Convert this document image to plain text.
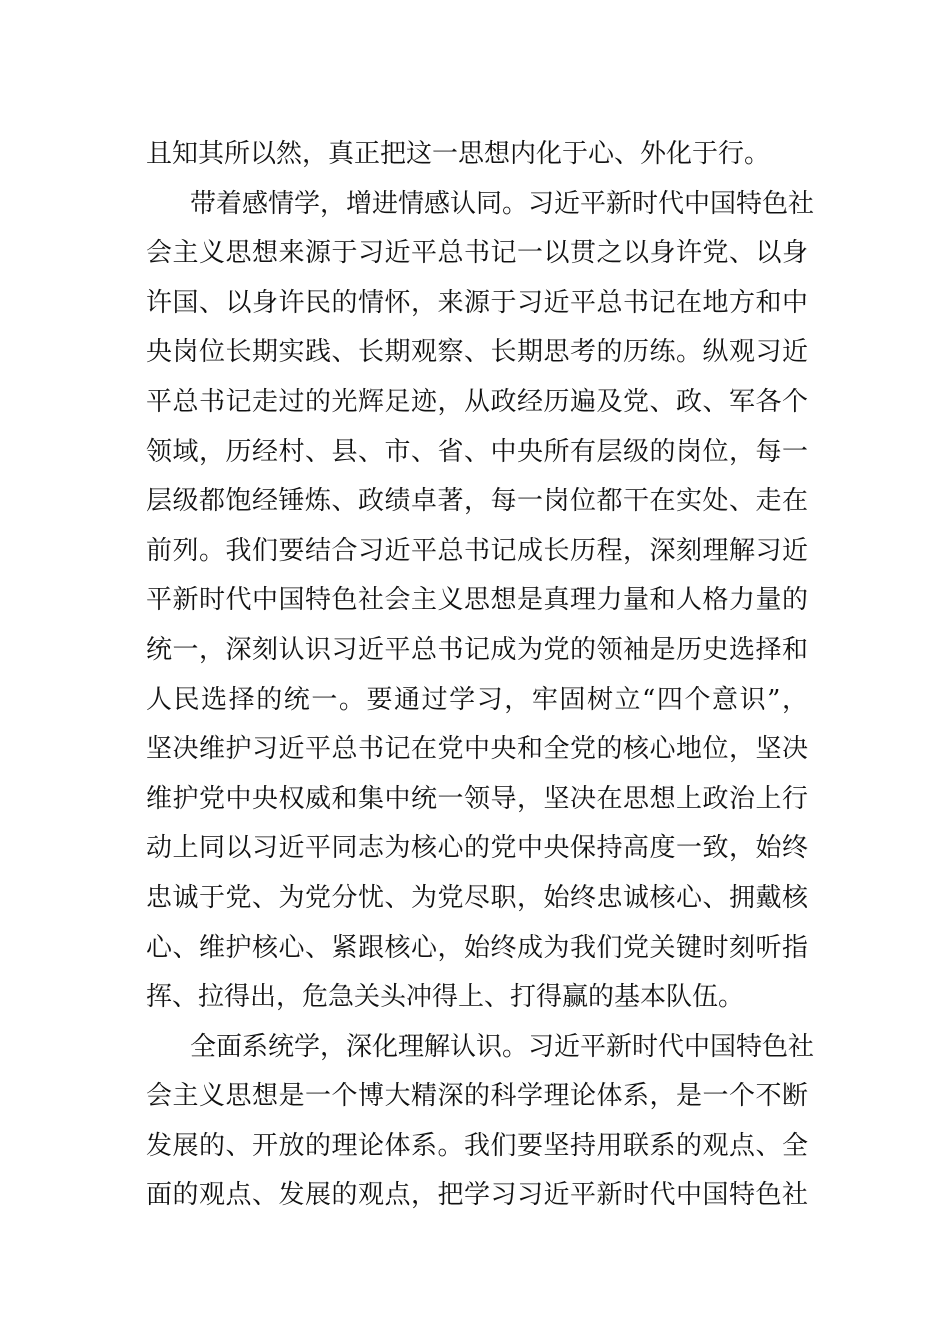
且知其所以然，真正把这一思想内化于心、外化于行。
带着感情学，增进情感认同。习近平新时代中国特色社
会主义思想来源于习近平总书记一以贯之以身许党、以身
许国、以身许民的情怀，来源于习近平总书记在地方和中
央岗位长期实践、长期观察、长期思考的历练。纵观习近
平总书记走过的光辉足迹，从政经历遍及党、政、军各个
领域，历经村、县、市、省、中央所有层级的岗位，每一
层级都饱经锤炼、政绩卓著，每一岗位都干在实处、走在
前列。我们要结合习近平总书记成长历程，深刻理解习近
平新时代中国特色社会主义思想是真理力量和人格力量的
统一，深刻认识习近平总书记成为党的领袖是历史选择和
人民选择的统一。要通过学习，牢固树立“四个意识”，
坚决维护习近平总书记在党中央和全党的核心地位，坚决
维护党中央权威和集中统一领导，坚决在思想上政治上行
动上同以习近平同志为核心的党中央保持高度一致，始终
忠诚于党、为党分忧、为党尽职，始终忠诚核心、拥戴核
心、维护核心、紧跟核心，始终成为我们党关键时刻听指
挥、拉得出，危急关头冲得上、打得赢的基本队伍。
全面系统学，深化理解认识。习近平新时代中国特色社
会主义思想是一个博大精深的科学理论体系，是一个不断
发展的、开放的理论体系。我们要坚持用联系的观点、全
面的观点、发展的观点，把学习习近平新时代中国特色社
